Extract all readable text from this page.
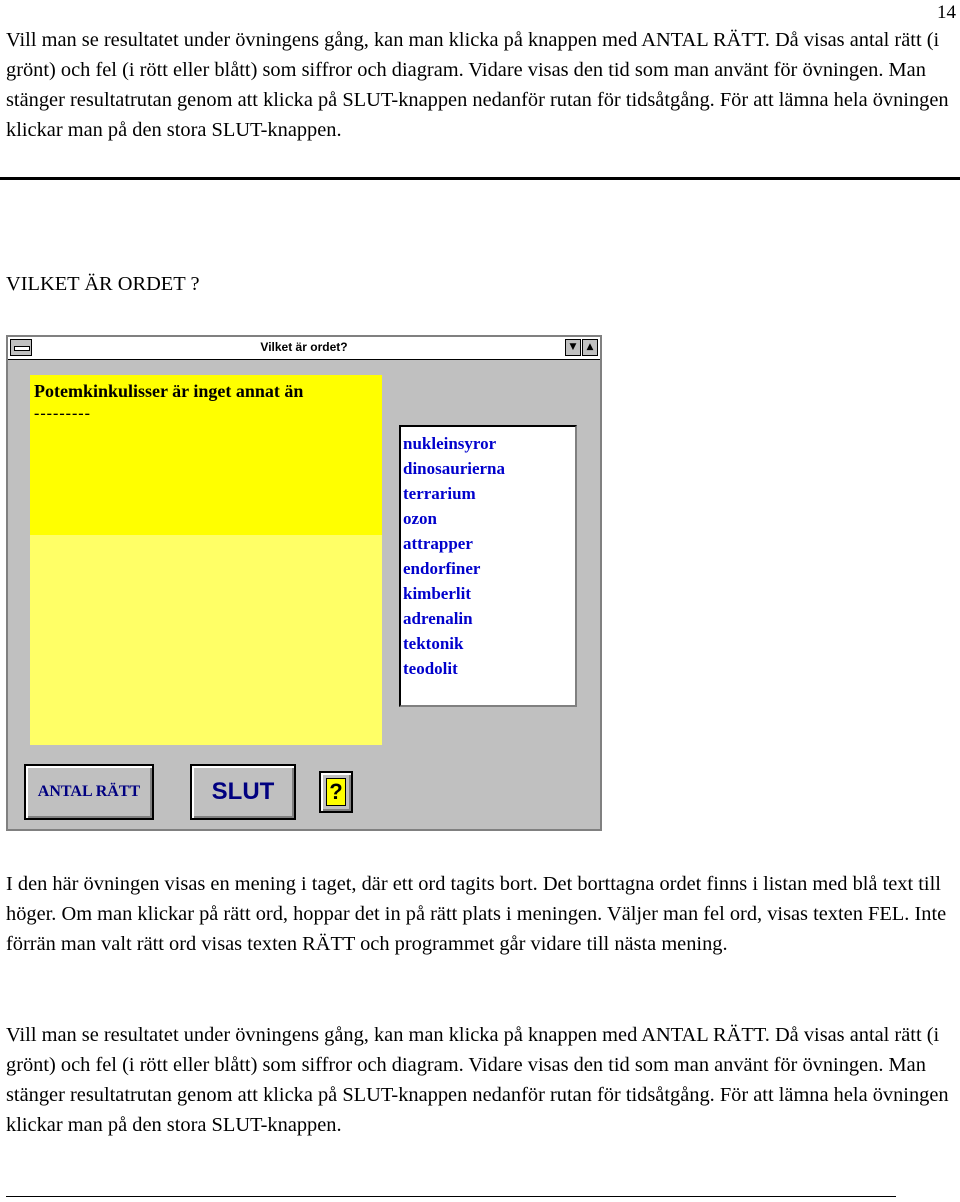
14

Vill man se resultatet under övningens gång, kan man klicka på knappen med ANTAL RÄTT. Då visas antal rätt (i grönt) och fel (i rött eller blått) som siffror och diagram. Vidare visas den tid som man använt för övningen. Man stänger resultatrutan genom att klicka på SLUT-knappen nedanför rutan för tidsåtgång. För att lämna hela övningen klickar man på den stora SLUT-knappen.

VILKET ÄR ORDET ?
Vilket är ordet?	▼	▲
Potemkinkulisser är inget annat än
---------
nukleinsyror
dinosaurierna
terrarium
ozon
attrapper
endorfiner
kimberlit
adrenalin
tektonik
teodolit
ANTAL RÄTT	SLUT	?

I den här övningen visas en mening i taget, där ett ord tagits bort. Det borttagna ordet finns i listan med blå text till höger. Om man klickar på rätt ord, hoppar det in på rätt plats i meningen. Väljer man fel ord, visas texten FEL. Inte förrän man valt rätt ord visas texten RÄTT och programmet går vidare till nästa mening.

Vill man se resultatet under övningens gång, kan man klicka på knappen med ANTAL RÄTT. Då visas antal rätt (i grönt) och fel (i rött eller blått) som siffror och diagram. Vidare visas den tid som man använt för övningen. Man stänger resultatrutan genom att klicka på SLUT-knappen nedanför rutan för tidsåtgång. För att lämna hela övningen klickar man på den stora SLUT-knappen.
